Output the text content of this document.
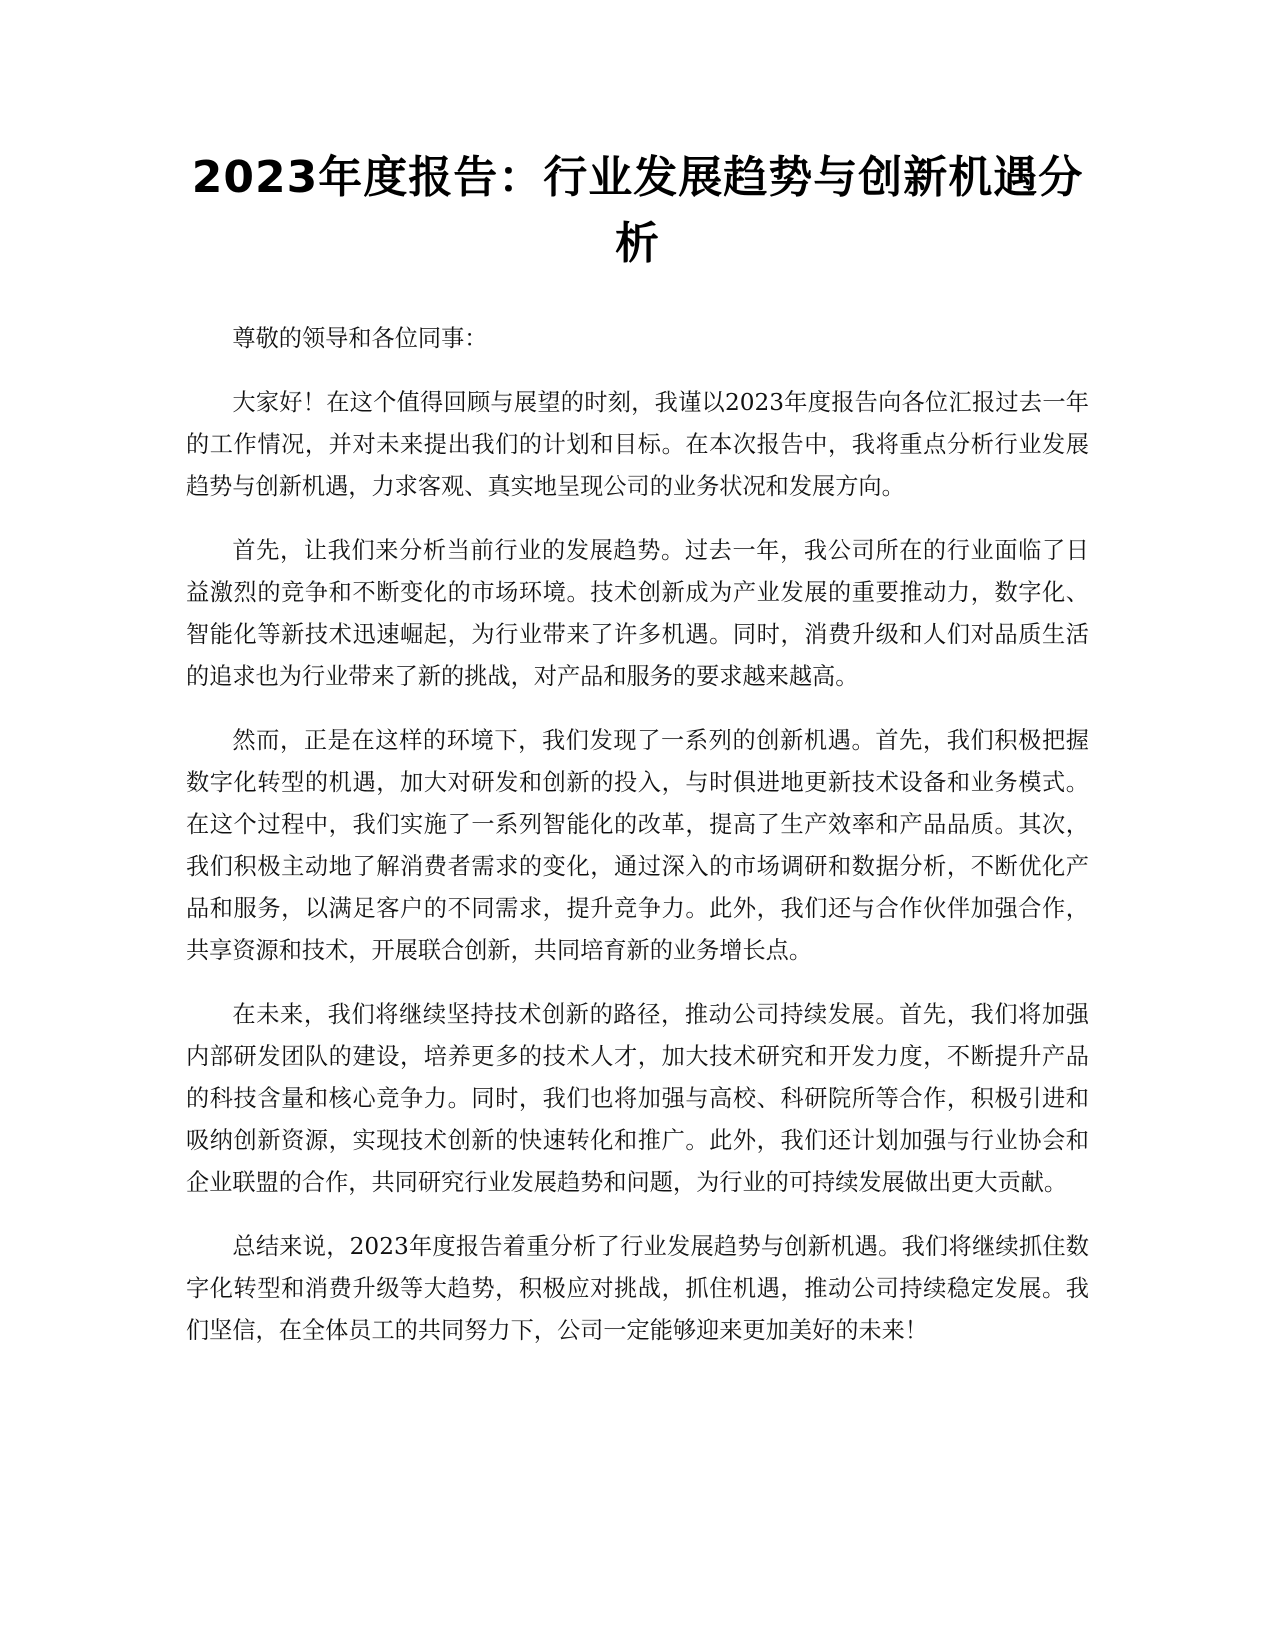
2023年度报告：行业发展趋势与创新机遇分析

尊敬的领导和各位同事：

大家好！在这个值得回顾与展望的时刻，我谨以2023年度报告向各位汇报过去一年的工作情况，并对未来提出我们的计划和目标。在本次报告中，我将重点分析行业发展趋势与创新机遇，力求客观、真实地呈现公司的业务状况和发展方向。

首先，让我们来分析当前行业的发展趋势。过去一年，我公司所在的行业面临了日益激烈的竞争和不断变化的市场环境。技术创新成为产业发展的重要推动力，数字化、智能化等新技术迅速崛起，为行业带来了许多机遇。同时，消费升级和人们对品质生活的追求也为行业带来了新的挑战，对产品和服务的要求越来越高。

然而，正是在这样的环境下，我们发现了一系列的创新机遇。首先，我们积极把握数字化转型的机遇，加大对研发和创新的投入，与时俱进地更新技术设备和业务模式。在这个过程中，我们实施了一系列智能化的改革，提高了生产效率和产品品质。其次，我们积极主动地了解消费者需求的变化，通过深入的市场调研和数据分析，不断优化产品和服务，以满足客户的不同需求，提升竞争力。此外，我们还与合作伙伴加强合作，共享资源和技术，开展联合创新，共同培育新的业务增长点。

在未来，我们将继续坚持技术创新的路径，推动公司持续发展。首先，我们将加强内部研发团队的建设，培养更多的技术人才，加大技术研究和开发力度，不断提升产品的科技含量和核心竞争力。同时，我们也将加强与高校、科研院所等合作，积极引进和吸纳创新资源，实现技术创新的快速转化和推广。此外，我们还计划加强与行业协会和企业联盟的合作，共同研究行业发展趋势和问题，为行业的可持续发展做出更大贡献。

总结来说，2023年度报告着重分析了行业发展趋势与创新机遇。我们将继续抓住数字化转型和消费升级等大趋势，积极应对挑战，抓住机遇，推动公司持续稳定发展。我们坚信，在全体员工的共同努力下，公司一定能够迎来更加美好的未来！
